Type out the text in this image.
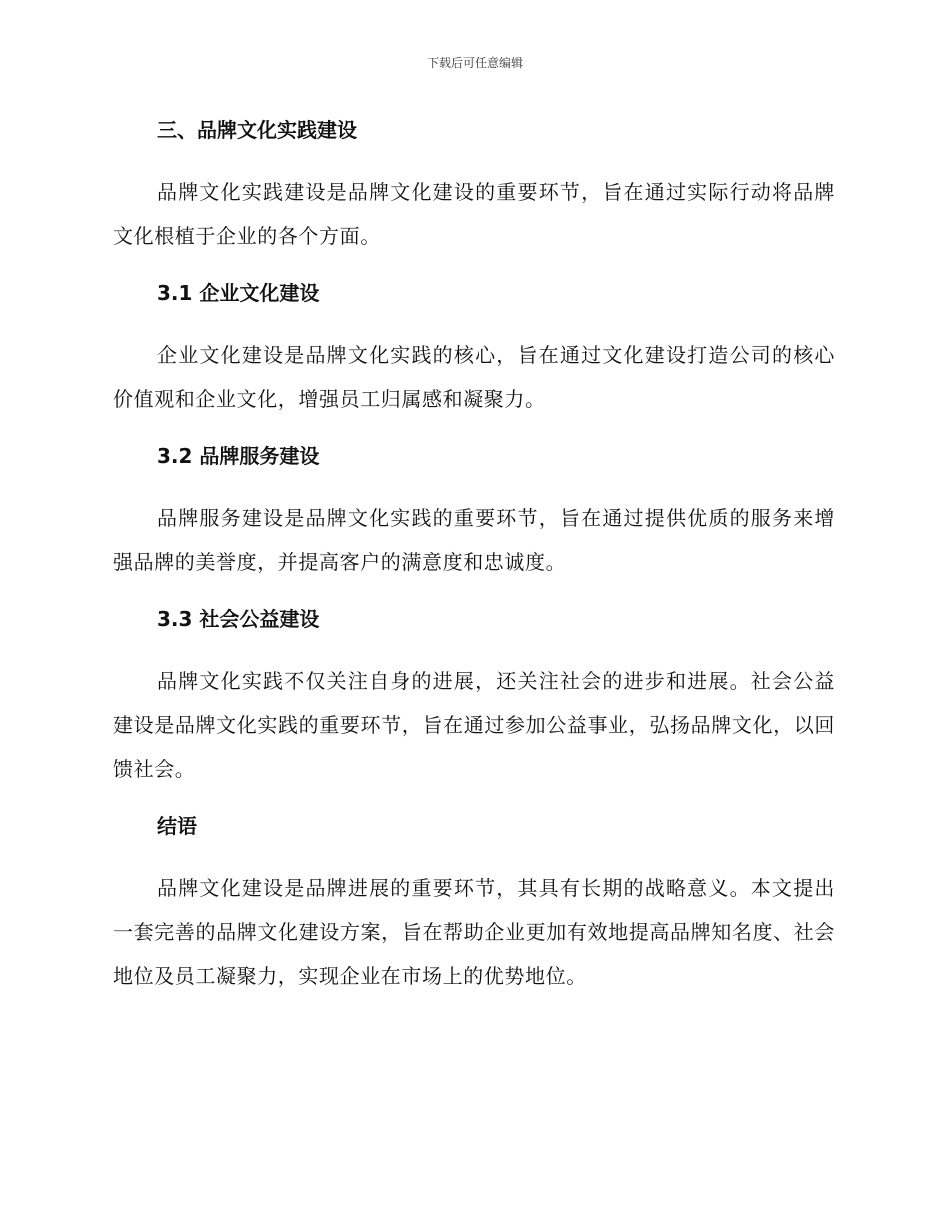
下载后可任意编辑
三、品牌文化实践建设

品牌文化实践建设是品牌文化建设的重要环节，旨在通过实际行动将品牌文化根植于企业的各个方面。

3.1 企业文化建设

企业文化建设是品牌文化实践的核心，旨在通过文化建设打造公司的核心价值观和企业文化，增强员工归属感和凝聚力。

3.2 品牌服务建设

品牌服务建设是品牌文化实践的重要环节，旨在通过提供优质的服务来增强品牌的美誉度，并提高客户的满意度和忠诚度。

3.3 社会公益建设

品牌文化实践不仅关注自身的进展，还关注社会的进步和进展。社会公益建设是品牌文化实践的重要环节，旨在通过参加公益事业，弘扬品牌文化，以回馈社会。

结语

品牌文化建设是品牌进展的重要环节，其具有长期的战略意义。本文提出一套完善的品牌文化建设方案，旨在帮助企业更加有效地提高品牌知名度、社会地位及员工凝聚力，实现企业在市场上的优势地位。
